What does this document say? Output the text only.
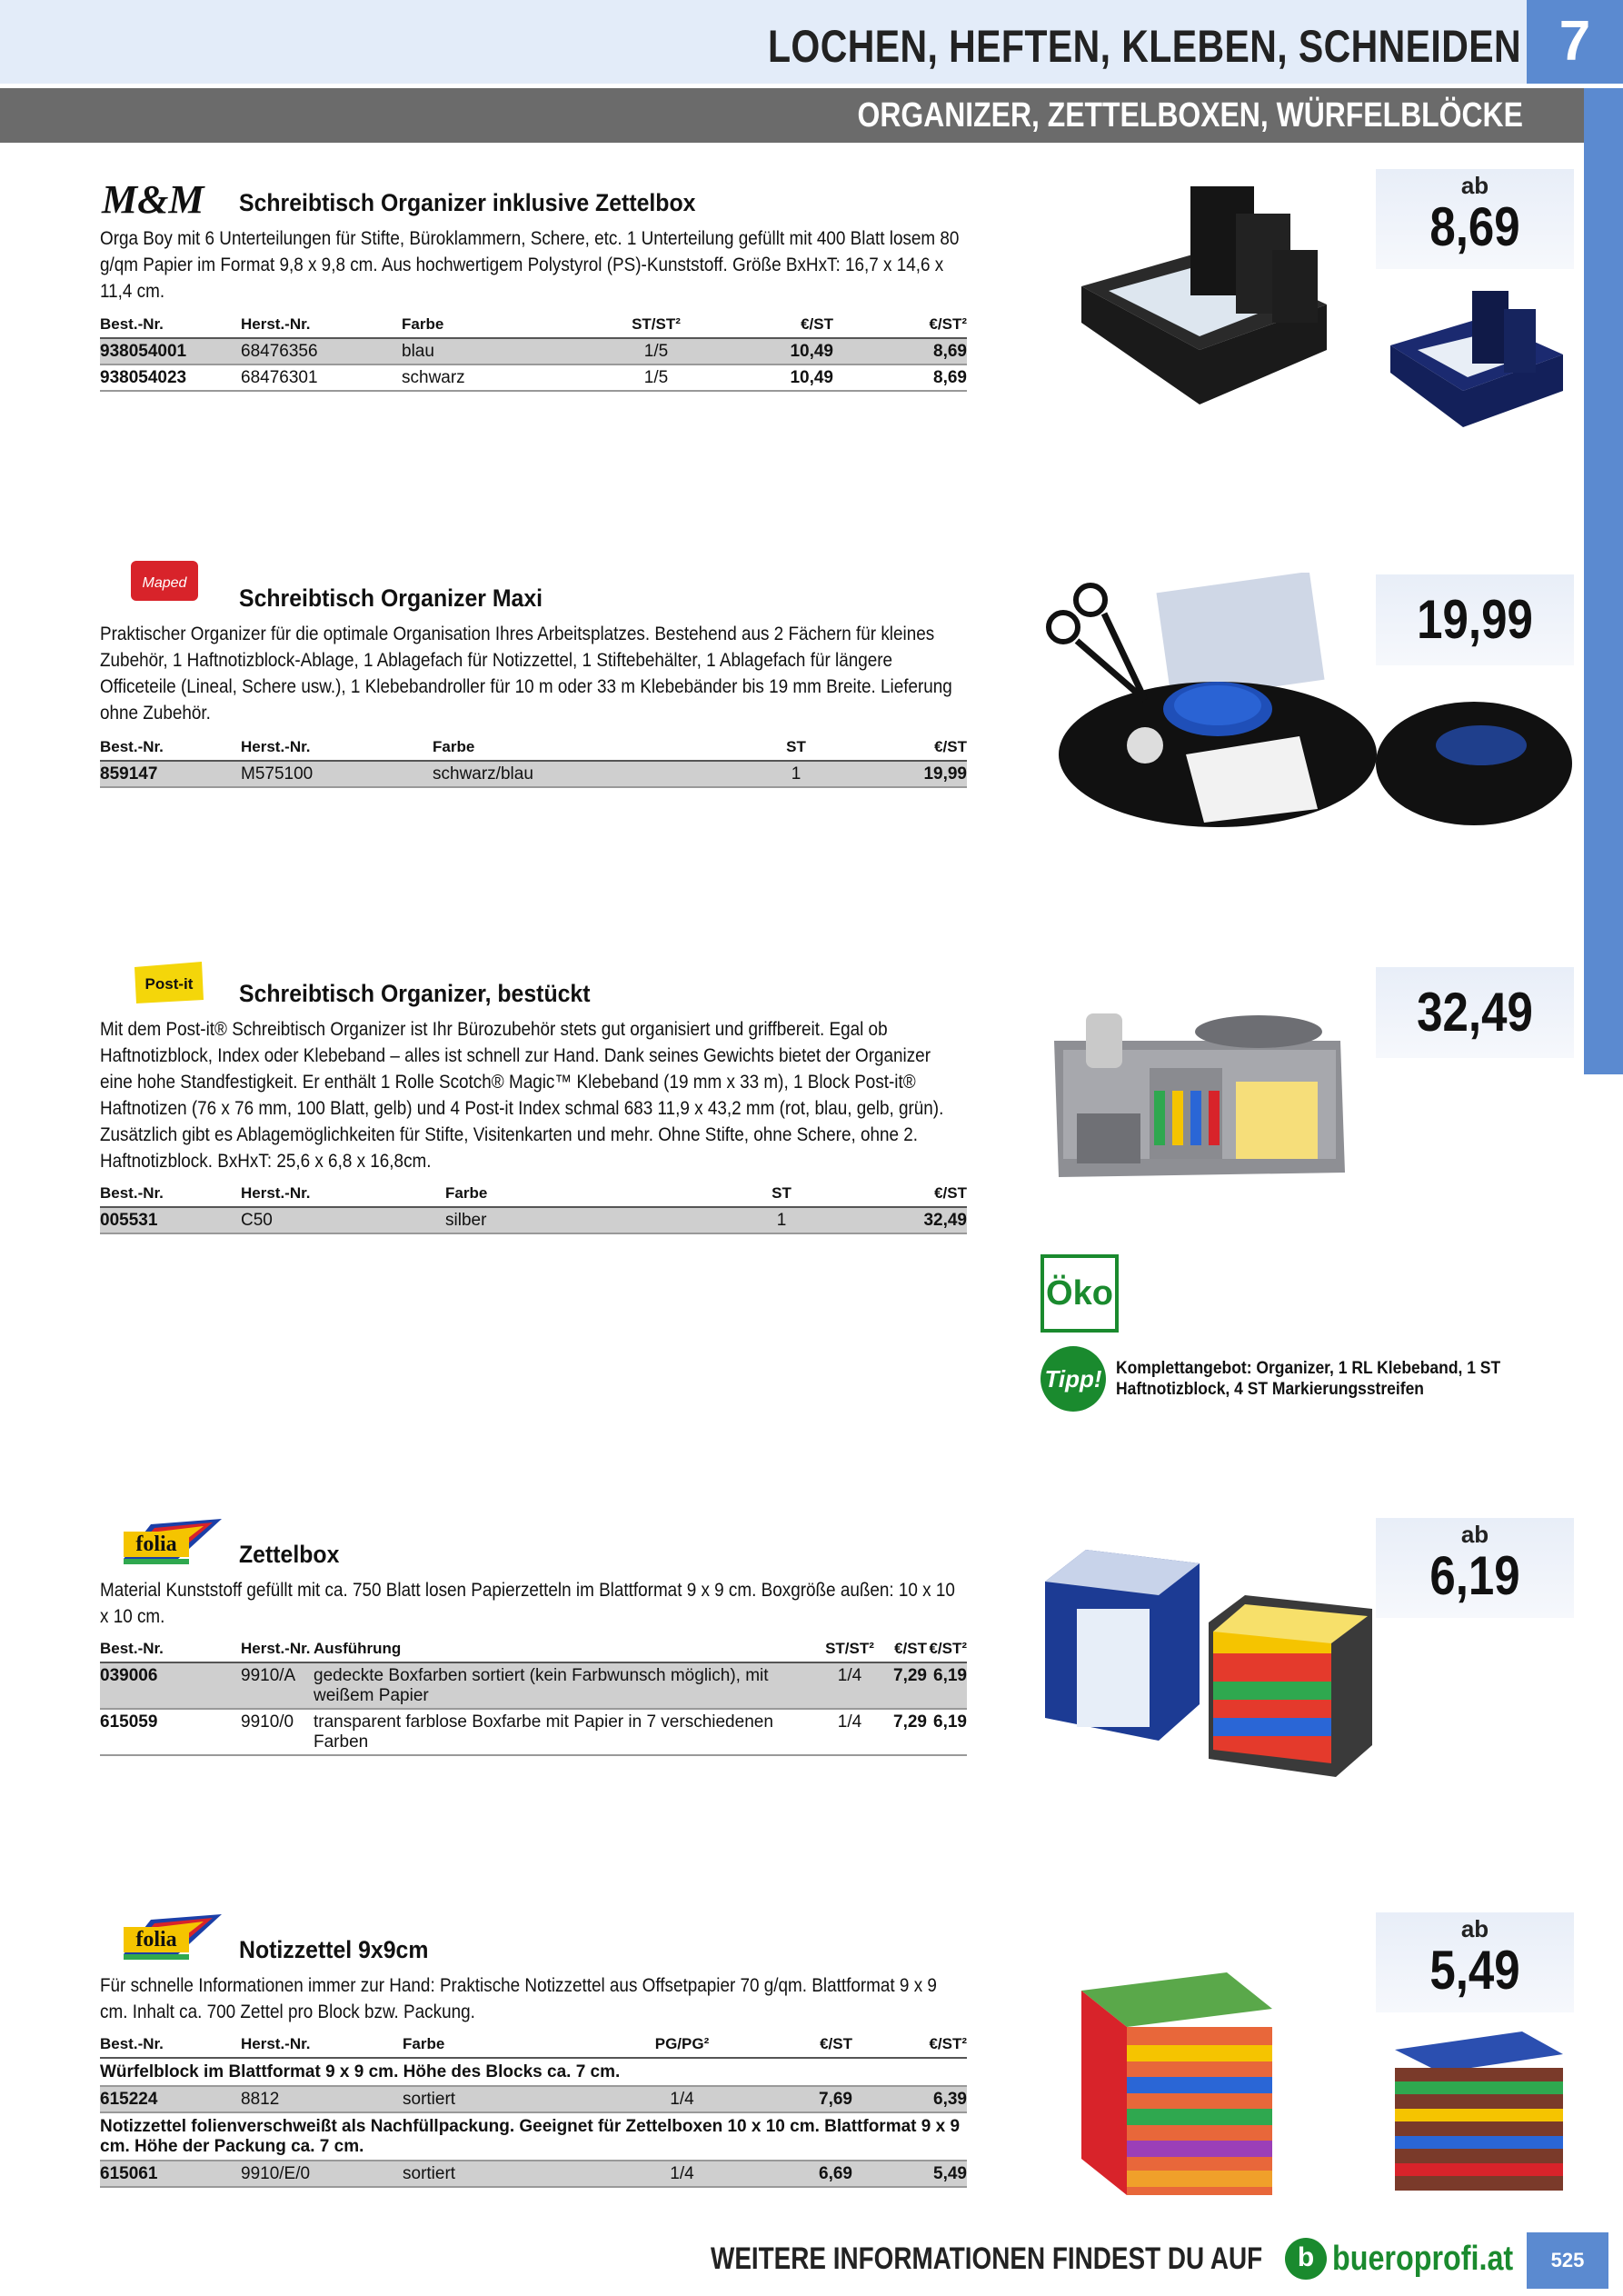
LOCHEN, HEFTEN, KLEBEN, SCHNEIDEN 7
ORGANIZER, ZETTELBOXEN, WÜRFELBLÖCKE
M&M Schreibtisch Organizer inklusive Zettelbox
Orga Boy mit 6 Unterteilungen für Stifte, Büroklammern, Schere, etc. 1 Unterteilung gefüllt mit 400 Blatt losem 80 g/qm Papier im Format 9,8 x 9,8 cm. Aus hochwertigem Polystyrol (PS)-Kunststoff. Größe BxHxT: 16,7 x 14,6 x 11,4 cm.
Best.-Nr.	Herst.-Nr.	Farbe	ST/ST²	€/ST	€/ST²
938054001	68476356	blau	1/5	10,49	8,69
938054023	68476301	schwarz	1/5	10,49	8,69
ab
8,69
Maped
Schreibtisch Organizer Maxi
Praktischer Organizer für die optimale Organisation Ihres Arbeitsplatzes. Bestehend aus 2 Fächern für kleines Zubehör, 1 Haftnotizblock-Ablage, 1 Ablagefach für Notizzettel, 1 Stiftebehälter, 1 Ablagefach für längere Officeteile (Lineal, Schere usw.), 1 Klebebandroller für 10 m oder 33 m Klebebänder bis 19 mm Breite. Lieferung ohne Zubehör.
Best.-Nr.	Herst.-Nr.	Farbe	ST	€/ST
859147	M575100	schwarz/blau	1	19,99
19,99
Post-it Schreibtisch Organizer, bestückt
Mit dem Post-it® Schreibtisch Organizer ist Ihr Bürozubehör stets gut organisiert und griffbereit. Egal ob Haftnotizblock, Index oder Klebeband – alles ist schnell zur Hand. Dank seines Gewichts bietet der Organizer eine hohe Standfestigkeit. Er enthält 1 Rolle Scotch® Magic™ Klebeband (19 mm x 33 m), 1 Block Post-it® Haftnotizen (76 x 76 mm, 100 Blatt, gelb) und 4 Post-it Index schmal 683 11,9 x 43,2 mm (rot, blau, gelb, grün). Zusätzlich gibt es Ablagemöglichkeiten für Stifte, Visitenkarten und mehr. Ohne Stifte, ohne Schere, ohne 2. Haftnotizblock. BxHxT: 25,6 x 6,8 x 16,8cm.
Best.-Nr.	Herst.-Nr.	Farbe	ST	€/ST
005531	C50	silber	1	32,49
32,49
Öko
Tipp! Komplettangebot: Organizer, 1 RL Klebeband, 1 ST Haftnotizblock, 4 ST Markierungsstreifen
folia	Zettelbox
Material Kunststoff gefüllt mit ca. 750 Blatt losen Papierzetteln im Blattformat 9 x 9 cm. Boxgröße außen: 10 x 10 x 10 cm.
Best.-Nr.	Herst.-Nr.	Ausführung	ST/ST²	€/ST	€/ST²
039006	9910/A	gedeckte Boxfarben sortiert (kein Farbwunsch möglich), mit weißem Papier	1/4	7,29	6,19
615059	9910/0	transparent farblose Boxfarbe mit Papier in 7 verschiedenen Farben	1/4	7,29	6,19
ab
6,19
folia	Notizzettel 9x9cm
Für schnelle Informationen immer zur Hand: Praktische Notizzettel aus Offsetpapier 70 g/qm. Blattformat 9 x 9 cm. Inhalt ca. 700 Zettel pro Block bzw. Packung.
Best.-Nr.	Herst.-Nr.	Farbe	PG/PG²	€/ST	€/ST²
Würfelblock im Blattformat 9 x 9 cm. Höhe des Blocks ca. 7 cm.					
615224	8812	sortiert	1/4	7,69	6,39
Notizzettel folienverschweißt als Nachfüllpackung. Geeignet für Zettelboxen 10 x 10 cm. Blattformat 9 x 9 cm. Höhe der Packung ca. 7 cm.					
615061	9910/E/0	sortiert	1/4	6,69	5,49
ab
5,49
WEITERE INFORMATIONEN FINDEST DU AUF	b bueroprofi.at	525
